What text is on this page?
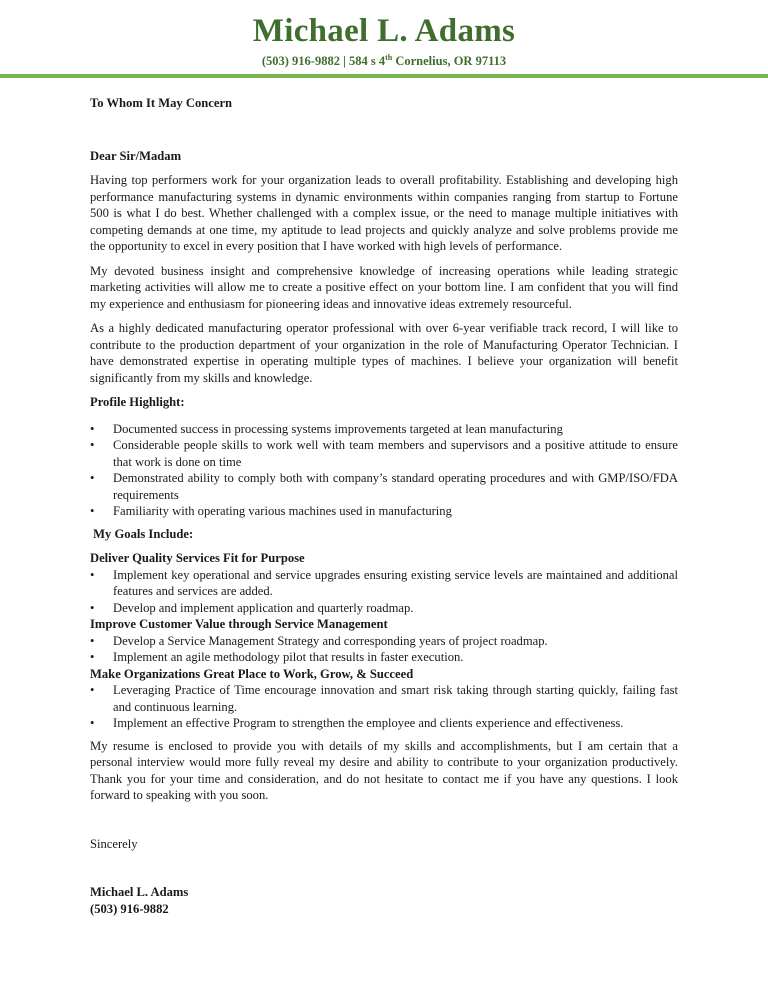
Michael L. Adams
(503) 916-9882 | 584 s 4th Cornelius, OR 97113

To Whom It May Concern

Dear Sir/Madam

Having top performers work for your organization leads to overall profitability. Establishing and developing high performance manufacturing systems in dynamic environments within companies ranging from startup to Fortune 500 is what I do best. Whether challenged with a complex issue, or the need to manage multiple initiatives with competing demands at one time, my aptitude to lead projects and quickly analyze and solve problems provide me the opportunity to excel in every position that I have worked with high levels of performance.

My devoted business insight and comprehensive knowledge of increasing operations while leading strategic marketing activities will allow me to create a positive effect on your bottom line. I am confident that you will find my experience and enthusiasm for pioneering ideas and innovative ideas extremely resourceful.

As a highly dedicated manufacturing operator professional with over 6-year verifiable track record, I will like to contribute to the production department of your organization in the role of Manufacturing Operator Technician. I have demonstrated expertise in operating multiple types of machines. I believe your organization will benefit significantly from my skills and knowledge.

Profile Highlight:

• Documented success in processing systems improvements targeted at lean manufacturing
• Considerable people skills to work well with team members and supervisors and a positive attitude to ensure that work is done on time
• Demonstrated ability to comply both with company’s standard operating procedures and with GMP/ISO/FDA requirements
• Familiarity with operating various machines used in manufacturing

My Goals Include:

Deliver Quality Services Fit for Purpose

• Implement key operational and service upgrades ensuring existing service levels are maintained and additional features and services are added.
• Develop and implement application and quarterly roadmap.

Improve Customer Value through Service Management

• Develop a Service Management Strategy and corresponding years of project roadmap.
• Implement an agile methodology pilot that results in faster execution.

Make Organizations Great Place to Work, Grow, & Succeed

• Leveraging Practice of Time encourage innovation and smart risk taking through starting quickly, failing fast and continuous learning.
• Implement an effective Program to strengthen the employee and clients experience and effectiveness.

My resume is enclosed to provide you with details of my skills and accomplishments, but I am certain that a personal interview would more fully reveal my desire and ability to contribute to your organization productively. Thank you for your time and consideration, and do not hesitate to contact me if you have any questions. I look forward to speaking with you soon.

Sincerely

Michael L. Adams

(503) 916-9882
